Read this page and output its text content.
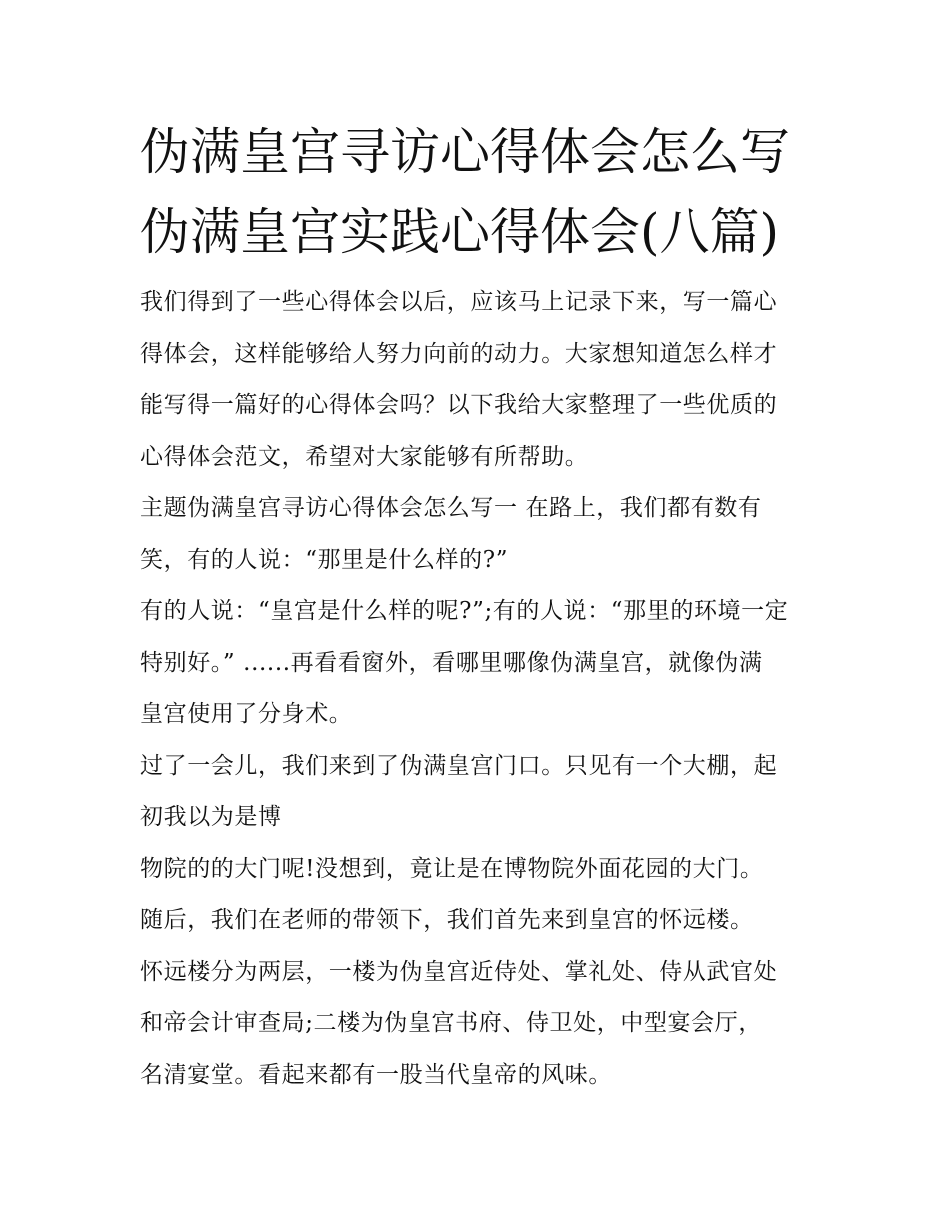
伪满皇宫寻访心得体会怎么写
伪满皇宫实践心得体会(八篇)
我们得到了一些心得体会以后，应该马上记录下来，写一篇心
得体会，这样能够给人努力向前的动力。大家想知道怎么样才
能写得一篇好的心得体会吗？以下我给大家整理了一些优质的
心得体会范文，希望对大家能够有所帮助。
主题伪满皇宫寻访心得体会怎么写一 在路上，我们都有数有
笑，有的人说：“那里是什么样的?”
有的人说：“皇宫是什么样的呢?”;有的人说：“那里的环境一定
特别好。” ......再看看窗外，看哪里哪像伪满皇宫，就像伪满
皇宫使用了分身术。
过了一会儿，我们来到了伪满皇宫门口。只见有一个大棚，起
初我以为是博
物院的的大门呢!没想到，竟让是在博物院外面花园的大门。
随后，我们在老师的带领下，我们首先来到皇宫的怀远楼。
怀远楼分为两层，一楼为伪皇宫近侍处、掌礼处、侍从武官处
和帝会计审查局;二楼为伪皇宫书府、侍卫处，中型宴会厅，
名清宴堂。看起来都有一股当代皇帝的风味。
